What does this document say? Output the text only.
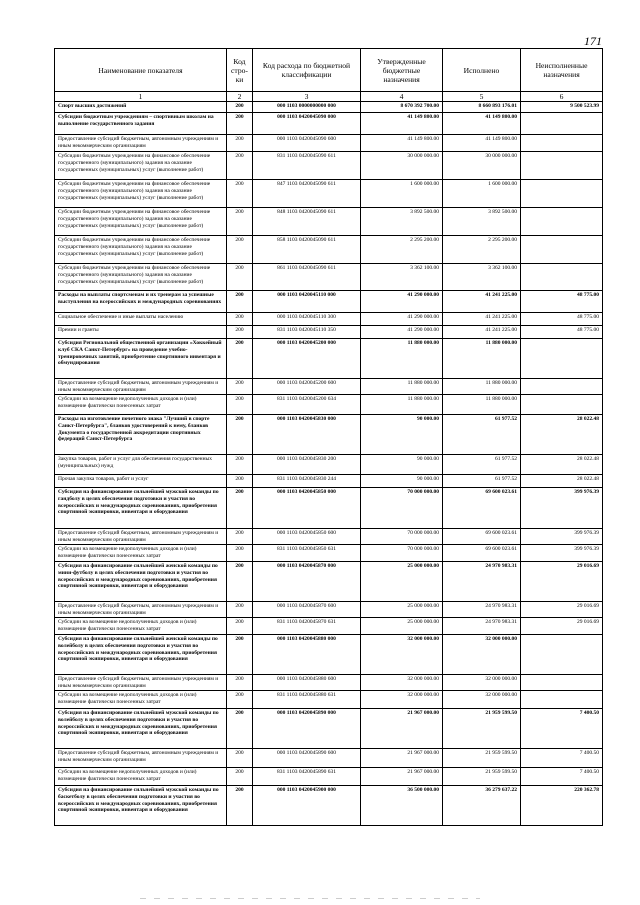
171
Наименование показателя	Код стро-ки	Код расхода по бюджетной классификации	Утвержденные бюджетные назначения	Исполнено	Неисполненные назначения
1	2	3	4	5	6
Спорт высших достижений	200	000 1103 0000000000 000	8 670 392 700.00	8 660 893 176.01	9 500 523.99
Субсидии бюджетным учреждениям – спортивным школам на выполнение государственного задания	200	000 1103 0420045090 000	41 149 800.00	41 149 800.00	
Предоставление субсидий бюджетным, автономным учреждениям и иным некоммерческим организациям	200	000 1103 0420045090 600	41 149 800.00	41 149 800.00	
Субсидии бюджетным учреждениям на финансовое обеспечение государственного (муниципального) задания на оказание государственных (муниципальных) услуг (выполнение работ)	200	831 1103 0420045090 611	30 000 000.00	30 000 000.00	
Субсидии бюджетным учреждениям на финансовое обеспечение государственного (муниципального) задания на оказание государственных (муниципальных) услуг (выполнение работ)	200	847 1103 0420045090 611	1 600 000.00	1 600 000.00	
Субсидии бюджетным учреждениям на финансовое обеспечение государственного (муниципального) задания на оказание государственных (муниципальных) услуг (выполнение работ)	200	848 1103 0420045090 611	3 892 500.00	3 892 500.00	
Субсидии бюджетным учреждениям на финансовое обеспечение государственного (муниципального) задания на оказание государственных (муниципальных) услуг (выполнение работ)	200	858 1103 0420045090 611	2 295 200.00	2 295 200.00	
Субсидии бюджетным учреждениям на финансовое обеспечение государственного (муниципального) задания на оказание государственных (муниципальных) услуг (выполнение работ)	200	861 1103 0420045090 611	3 362 100.00	3 362 100.00	
Расходы на выплаты спортсменам и их тренерам за успешные выступления на всероссийских и международных соревнованиях	200	000 1103 0420045110 000	41 290 000.00	41 241 225.00	48 775.00
Социальное обеспечение и иные выплаты населению	200	000 1103 0420045110 300	41 290 000.00	41 241 225.00	48 775.00
Премии и гранты	200	831 1103 0420045110 350	41 290 000.00	41 241 225.00	48 775.00
Субсидия Региональной общественной организации «Хоккейный клуб СКА Санкт-Петербург» на проведение учебно-тренировочных занятий, приобретение спортивного инвентаря и обмундирования	200	000 1103 0420045200 000	11 880 000.00	11 880 000.00	
Предоставление субсидий бюджетным, автономным учреждениям и иным некоммерческим организациям	200	000 1103 0420045200 600	11 880 000.00	11 880 000.00	
Субсидии на возмещение недополученных доходов и (или) возмещение фактически понесенных затрат	200	831 1103 0420045200 634	11 880 000.00	11 880 000.00	
Расходы на изготовление почетного знака "Лучший в спорте Санкт-Петербурга", бланков удостоверений к нему, бланков Документа о государственной аккредитации спортивных федераций Санкт-Петербурга	200	000 1103 0420045830 000	90 000.00	61 977.52	28 022.48
Закупка товаров, работ и услуг для обеспечения государственных (муниципальных) нужд	200	000 1103 0420045830 200	90 000.00	61 977.52	28 022.48
Прочая закупка товаров, работ и услуг	200	831 1103 0420045830 244	90 000.00	61 977.52	28 022.48
Субсидия на финансирование сильнейшей мужской команды по гандболу в целях обеспечения подготовки и участия во всероссийских и международных соревнованиях, приобретения спортивной экипировки, инвентаря и оборудования	200	000 1103 0420045850 000	70 000 000.00	69 600 023.61	399 976.39
Предоставление субсидий бюджетным, автономным учреждениям и иным некоммерческим организациям	200	000 1103 0420045850 600	70 000 000.00	69 600 023.61	399 976.39
Субсидии на возмещение недополученных доходов и (или) возмещение фактически понесенных затрат	200	831 1103 0420045850 631	70 000 000.00	69 600 023.61	399 976.39
Субсидия на финансирование сильнейшей женской команды по мини-футболу в целях обеспечения подготовки и участия во всероссийских и международных соревнованиях, приобретения спортивной экипировки, инвентаря и оборудования	200	000 1103 0420045870 000	25 000 000.00	24 970 983.31	29 016.69
Предоставление субсидий бюджетным, автономным учреждениям и иным некоммерческим организациям	200	000 1103 0420045870 600	25 000 000.00	24 970 983.31	29 016.69
Субсидии на возмещение недополученных доходов и (или) возмещение фактически понесенных затрат	200	831 1103 0420045870 631	25 000 000.00	24 970 983.31	29 016.69
Субсидия на финансирование сильнейшей женской команды по волейболу в целях обеспечения подготовки и участия во всероссийских и международных соревнованиях, приобретения спортивной экипировки, инвентаря и оборудования	200	000 1103 0420045880 000	32 000 000.00	32 000 000.00	
Предоставление субсидий бюджетным, автономным учреждениям и иным некоммерческим организациям	200	000 1103 0420045880 600	32 000 000.00	32 000 000.00	
Субсидии на возмещение недополученных доходов и (или) возмещение фактически понесенных затрат	200	831 1103 0420045880 631	32 000 000.00	32 000 000.00	
Субсидия на финансирование сильнейшей мужской команды по волейболу в целях обеспечения подготовки и участия во всероссийских и международных соревнованиях, приобретения спортивной экипировки, инвентаря и оборудования	200	000 1103 0420045890 000	21 967 000.00	21 959 599.50	7 400.50
Предоставление субсидий бюджетным, автономным учреждениям и иным некоммерческим организациям	200	000 1103 0420045890 600	21 967 000.00	21 959 599.50	7 400.50
Субсидии на возмещение недополученных доходов и (или) возмещение фактически понесенных затрат	200	831 1103 0420045890 631	21 967 000.00	21 959 599.50	7 400.50
Субсидия на финансирование сильнейшей мужской команды по баскетболу в целях обеспечения подготовки и участия во всероссийских и международных соревнованиях, приобретения спортивной экипировки, инвентаря и оборудования	200	000 1103 0420045900 000	36 500 000.00	36 279 637.22	220 362.78
